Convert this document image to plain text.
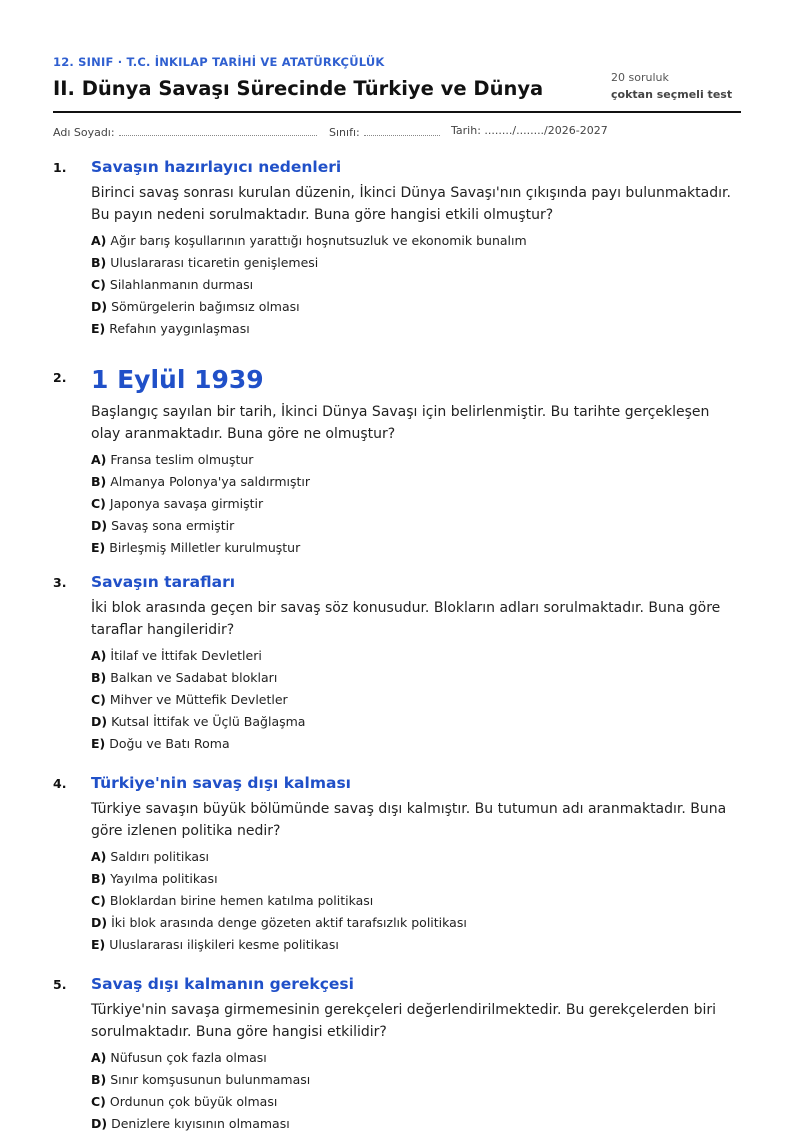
12. SINIF · T.C. İNKILAP TARİHİ VE ATATÜRKÇÜLÜK
II. Dünya Savaşı Sürecinde Türkiye ve Dünya	20 soruluk
çoktan seçmeli test
Adı Soyadı:	Sınıfı:	Tarih: ......../......../2026-2027
1. Savaşın hazırlayıcı nedenleri
Birinci savaş sonrası kurulan düzenin, İkinci Dünya Savaşı'nın çıkışında payı bulunmaktadır. Bu payın nedeni sorulmaktadır. Buna göre hangisi etkili olmuştur?
A) Ağır barış koşullarının yarattığı hoşnutsuzluk ve ekonomik bunalım
B) Uluslararası ticaretin genişlemesi
C) Silahlanmanın durması
D) Sömürgelerin bağımsız olması
E) Refahın yaygınlaşması
2. 1 Eylül 1939
Başlangıç sayılan bir tarih, İkinci Dünya Savaşı için belirlenmiştir. Bu tarihte gerçekleşen olay aranmaktadır. Buna göre ne olmuştur?
A) Fransa teslim olmuştur
B) Almanya Polonya'ya saldırmıştır
C) Japonya savaşa girmiştir
D) Savaş sona ermiştir
E) Birleşmiş Milletler kurulmuştur
3. Savaşın tarafları
İki blok arasında geçen bir savaş söz konusudur. Blokların adları sorulmaktadır. Buna göre taraflar hangileridir?
A) İtilaf ve İttifak Devletleri
B) Balkan ve Sadabat blokları
C) Mihver ve Müttefik Devletler
D) Kutsal İttifak ve Üçlü Bağlaşma
E) Doğu ve Batı Roma
4. Türkiye'nin savaş dışı kalması
Türkiye savaşın büyük bölümünde savaş dışı kalmıştır. Bu tutumun adı aranmaktadır. Buna göre izlenen politika nedir?
A) Saldırı politikası
B) Yayılma politikası
C) Bloklardan birine hemen katılma politikası
D) İki blok arasında denge gözeten aktif tarafsızlık politikası
E) Uluslararası ilişkileri kesme politikası
5. Savaş dışı kalmanın gerekçesi
Türkiye'nin savaşa girmemesinin gerekçeleri değerlendirilmektedir. Bu gerekçelerden biri sorulmaktadır. Buna göre hangisi etkilidir?
A) Nüfusun çok fazla olması
B) Sınır komşusunun bulunmaması
C) Ordunun çok büyük olması
D) Denizlere kıyısının olmaması
